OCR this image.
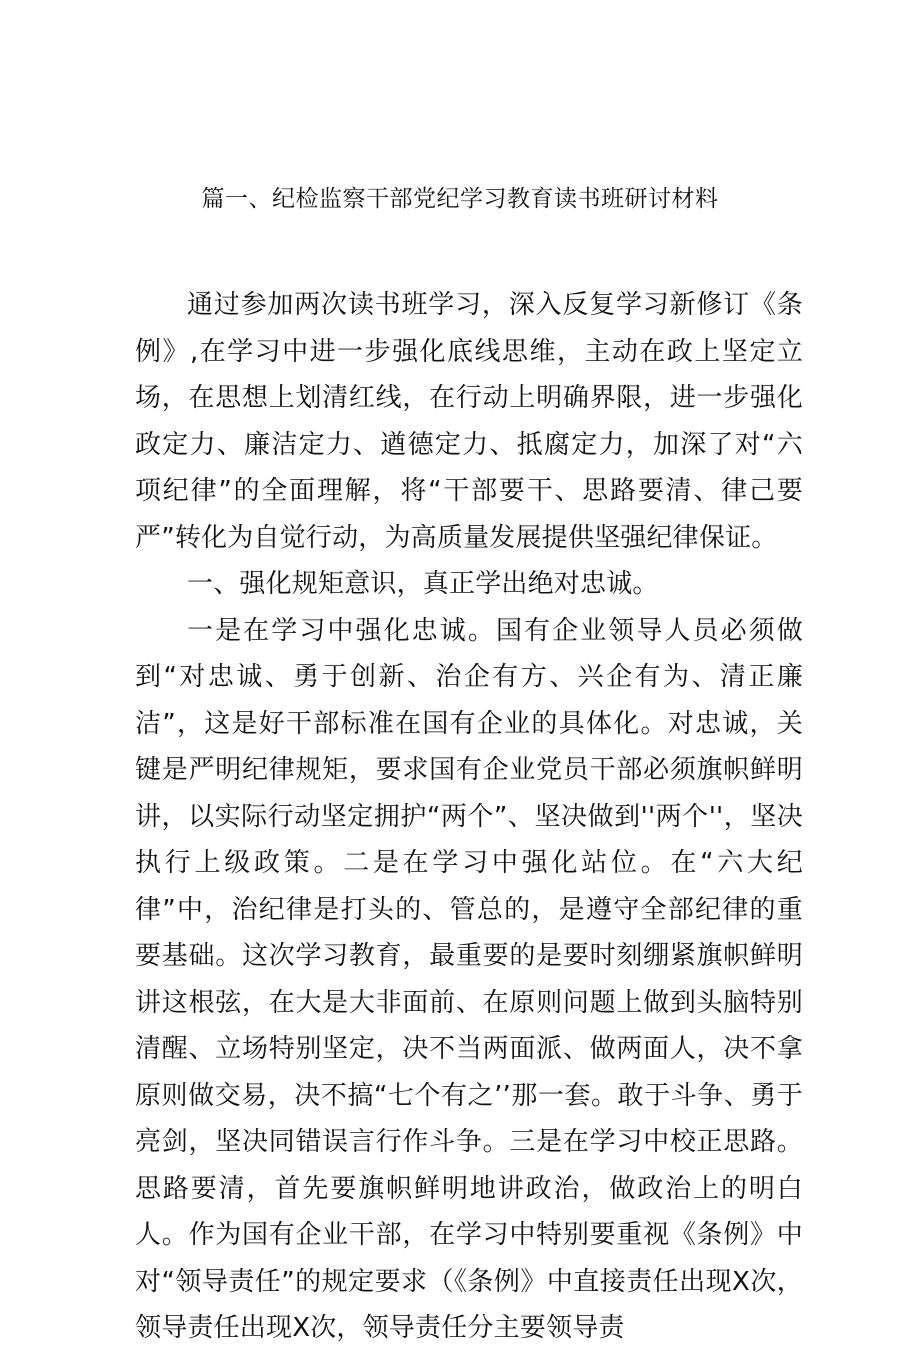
篇一、纪检监察干部党纪学习教育读书班研讨材料

通过参加两次读书班学习，深入反复学习新修订《条例》,在学习中进一步强化底线思维，主动在政上坚定立场，在思想上划清红线，在行动上明确界限，进一步强化政定力、廉洁定力、遒德定力、抵腐定力，加深了对“六项纪律”的全面理解，将“干部要干、思路要清、律己要严”转化为自觉行动，为高质量发展提供坚强纪律保证。

一、强化规矩意识，真正学出绝对忠诚。

一是在学习中强化忠诚。国有企业领导人员必须做到“对忠诚、勇于创新、治企有方、兴企有为、清正廉洁”，这是好干部标准在国有企业的具体化。对忠诚，关键是严明纪律规矩，要求国有企业党员干部必须旗帜鲜明讲，以实际行动坚定拥护“两个”、坚决做到''两个''，坚决执行上级政策。二是在学习中强化站位。在“六大纪律”中，治纪律是打头的、管总的，是遵守全部纪律的重要基础。这次学习教育，最重要的是要时刻绷紧旗帜鲜明讲这根弦，在大是大非面前、在原则问题上做到头脑特别清醒、立场特别坚定，决不当两面派、做两面人，决不拿原则做交易，决不搞“七个有之’’那一套。敢于斗争、勇于亮剑，坚决同错误言行作斗争。三是在学习中校正思路。思路要清，首先要旗帜鲜明地讲政治，做政治上的明白人。作为国有企业干部，在学习中特别要重视《条例》中对“领导责任”的规定要求（《条例》中直接责任出现X次，领导责任出现X次，领导责任分主要领导责
